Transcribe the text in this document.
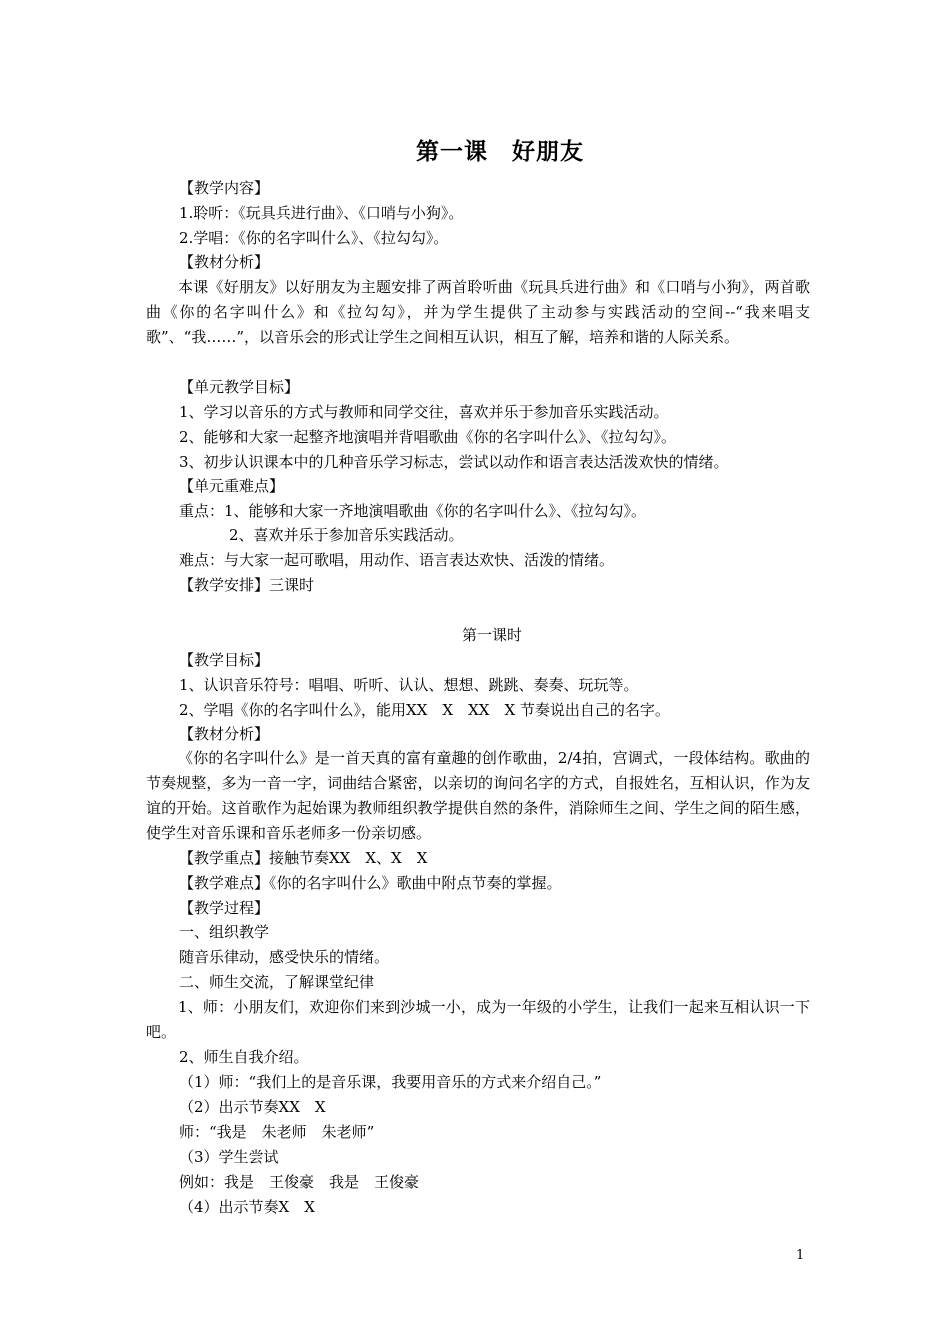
第一课　好朋友
【教学内容】
1.聆听：《玩具兵进行曲》、《口哨与小狗》。
2.学唱：《你的名字叫什么》、《拉勾勾》。
【教材分析】
本课《好朋友》以好朋友为主题安排了两首聆听曲《玩具兵进行曲》和《口哨与小狗》，两首歌曲《你的名字叫什么》和《拉勾勾》，并为学生提供了主动参与实践活动的空间--“我来唱支歌”、“我……”，以音乐会的形式让学生之间相互认识，相互了解，培养和谐的人际关系。
【单元教学目标】
1、学习以音乐的方式与教师和同学交往，喜欢并乐于参加音乐实践活动。
2、能够和大家一起整齐地演唱并背唱歌曲《你的名字叫什么》、《拉勾勾》。
3、初步认识课本中的几种音乐学习标志，尝试以动作和语言表达活泼欢快的情绪。
【单元重难点】
重点：1、能够和大家一齐地演唱歌曲《你的名字叫什么》、《拉勾勾》。
2、喜欢并乐于参加音乐实践活动。
难点：与大家一起可歌唱，用动作、语言表达欢快、活泼的情绪。
【教学安排】三课时
第一课时
【教学目标】
1、认识音乐符号：唱唱、听听、认认、想想、跳跳、奏奏、玩玩等。
2、学唱《你的名字叫什么》，能用XX　X　XX　X 节奏说出自己的名字。
【教材分析】
《你的名字叫什么》是一首天真的富有童趣的创作歌曲，2/4拍，宫调式，一段体结构。歌曲的节奏规整，多为一音一字，词曲结合紧密，以亲切的询问名字的方式，自报姓名，互相认识，作为友谊的开始。这首歌作为起始课为教师组织教学提供自然的条件，消除师生之间、学生之间的陌生感，使学生对音乐课和音乐老师多一份亲切感。
【教学重点】接触节奏XX　X、X　X
【教学难点】《你的名字叫什么》歌曲中附点节奏的掌握。
【教学过程】
一、组织教学
随音乐律动，感受快乐的情绪。
二、师生交流，了解课堂纪律
1、师：小朋友们，欢迎你们来到沙城一小，成为一年级的小学生，让我们一起来互相认识一下吧。
2、师生自我介绍。
（1）师：“我们上的是音乐课，我要用音乐的方式来介绍自己。”
（2）出示节奏XX　X
师：“我是　朱老师　朱老师”
（3）学生尝试
例如：我是　王俊豪　我是　王俊豪
（4）出示节奏X　X
1
